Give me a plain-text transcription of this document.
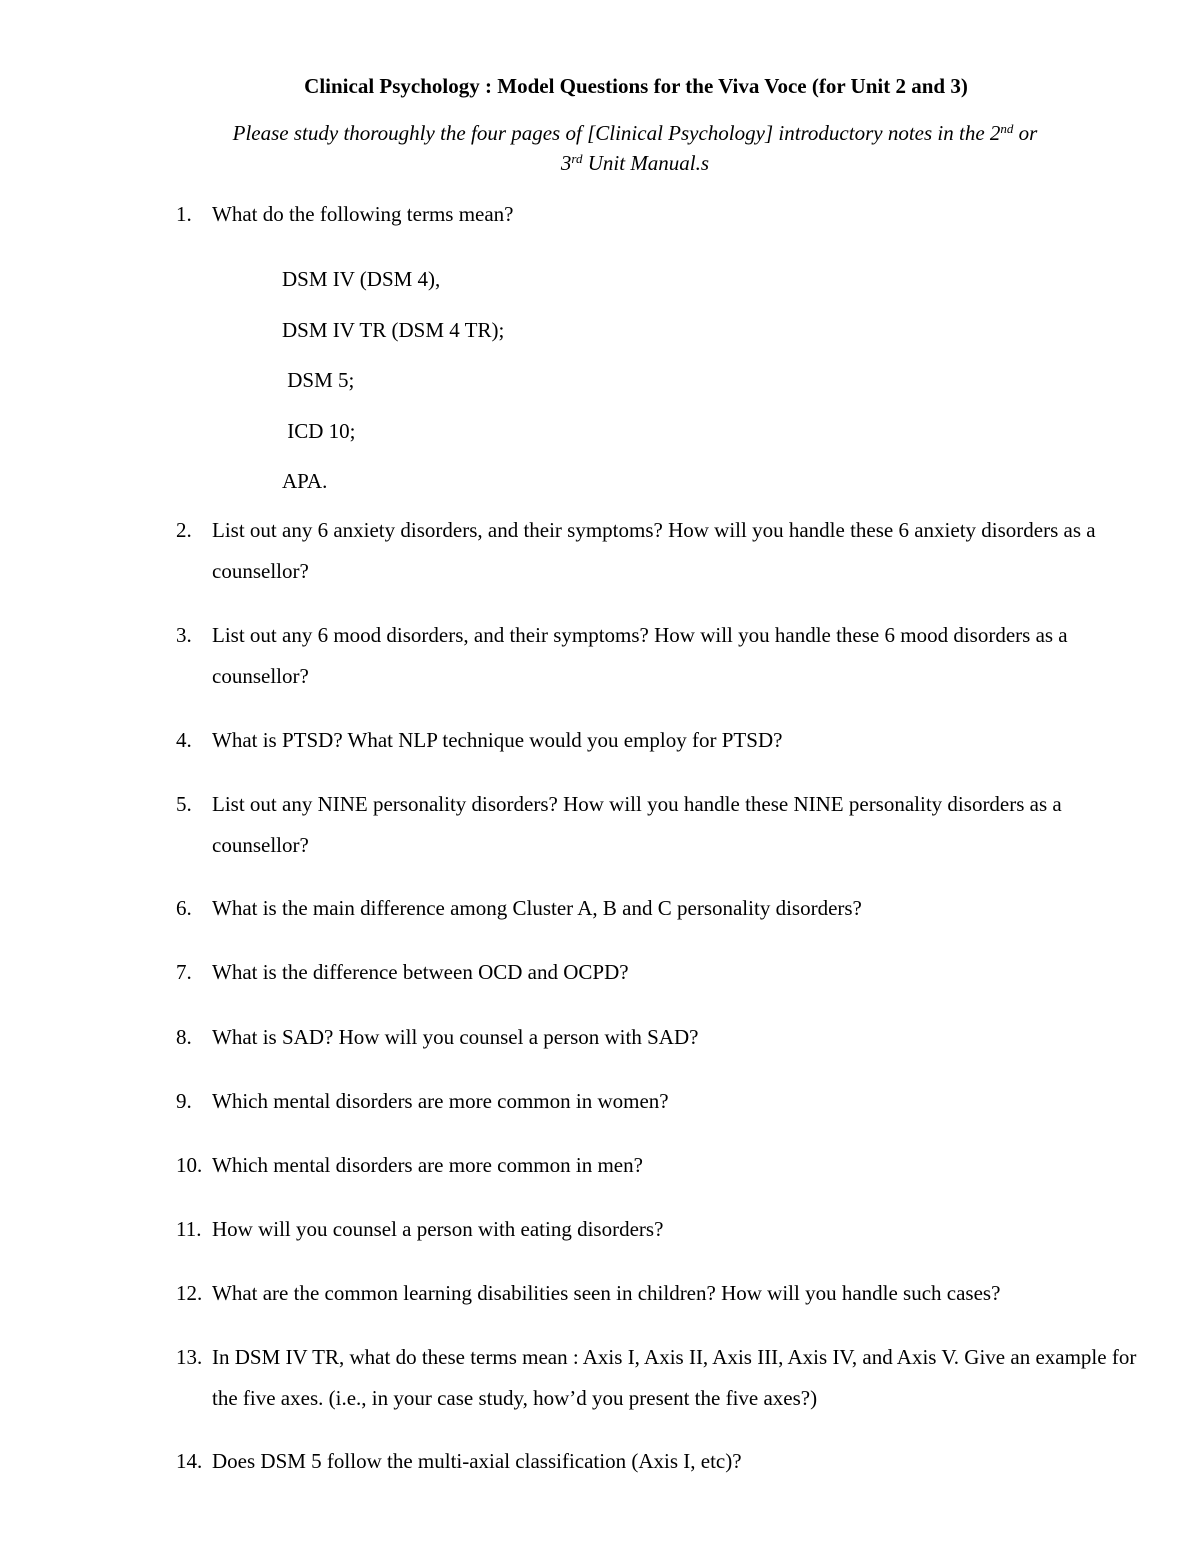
Clinical Psychology : Model Questions for the Viva Voce (for Unit 2 and 3)
Please study thoroughly the four pages of [Clinical Psychology] introductory notes in the 2nd or
3rd Unit Manual.s
1. What do the following terms mean?
DSM IV (DSM 4),
DSM IV TR (DSM 4 TR);
DSM 5;
ICD 10;
APA.
2. List out any 6 anxiety disorders, and their symptoms? How will you handle these 6 anxiety disorders as a counsellor?
3. List out any 6 mood disorders, and their symptoms? How will you handle these 6 mood disorders as a counsellor?
4. What is PTSD? What NLP technique would you employ for PTSD?
5. List out any NINE personality disorders? How will you handle these NINE personality disorders as a counsellor?
6. What is the main difference among Cluster A, B and C personality disorders?
7. What is the difference between OCD and OCPD?
8. What is SAD? How will you counsel a person with SAD?
9. Which mental disorders are more common in women?
10. Which mental disorders are more common in men?
11. How will you counsel a person with eating disorders?
12. What are the common learning disabilities seen in children? How will you handle such cases?
13. In DSM IV TR, what do these terms mean : Axis I, Axis II, Axis III, Axis IV, and Axis V. Give an example for the five axes. (i.e., in your case study, how’d you present the five axes?)
14. Does DSM 5 follow the multi-axial classification (Axis I, etc)?
